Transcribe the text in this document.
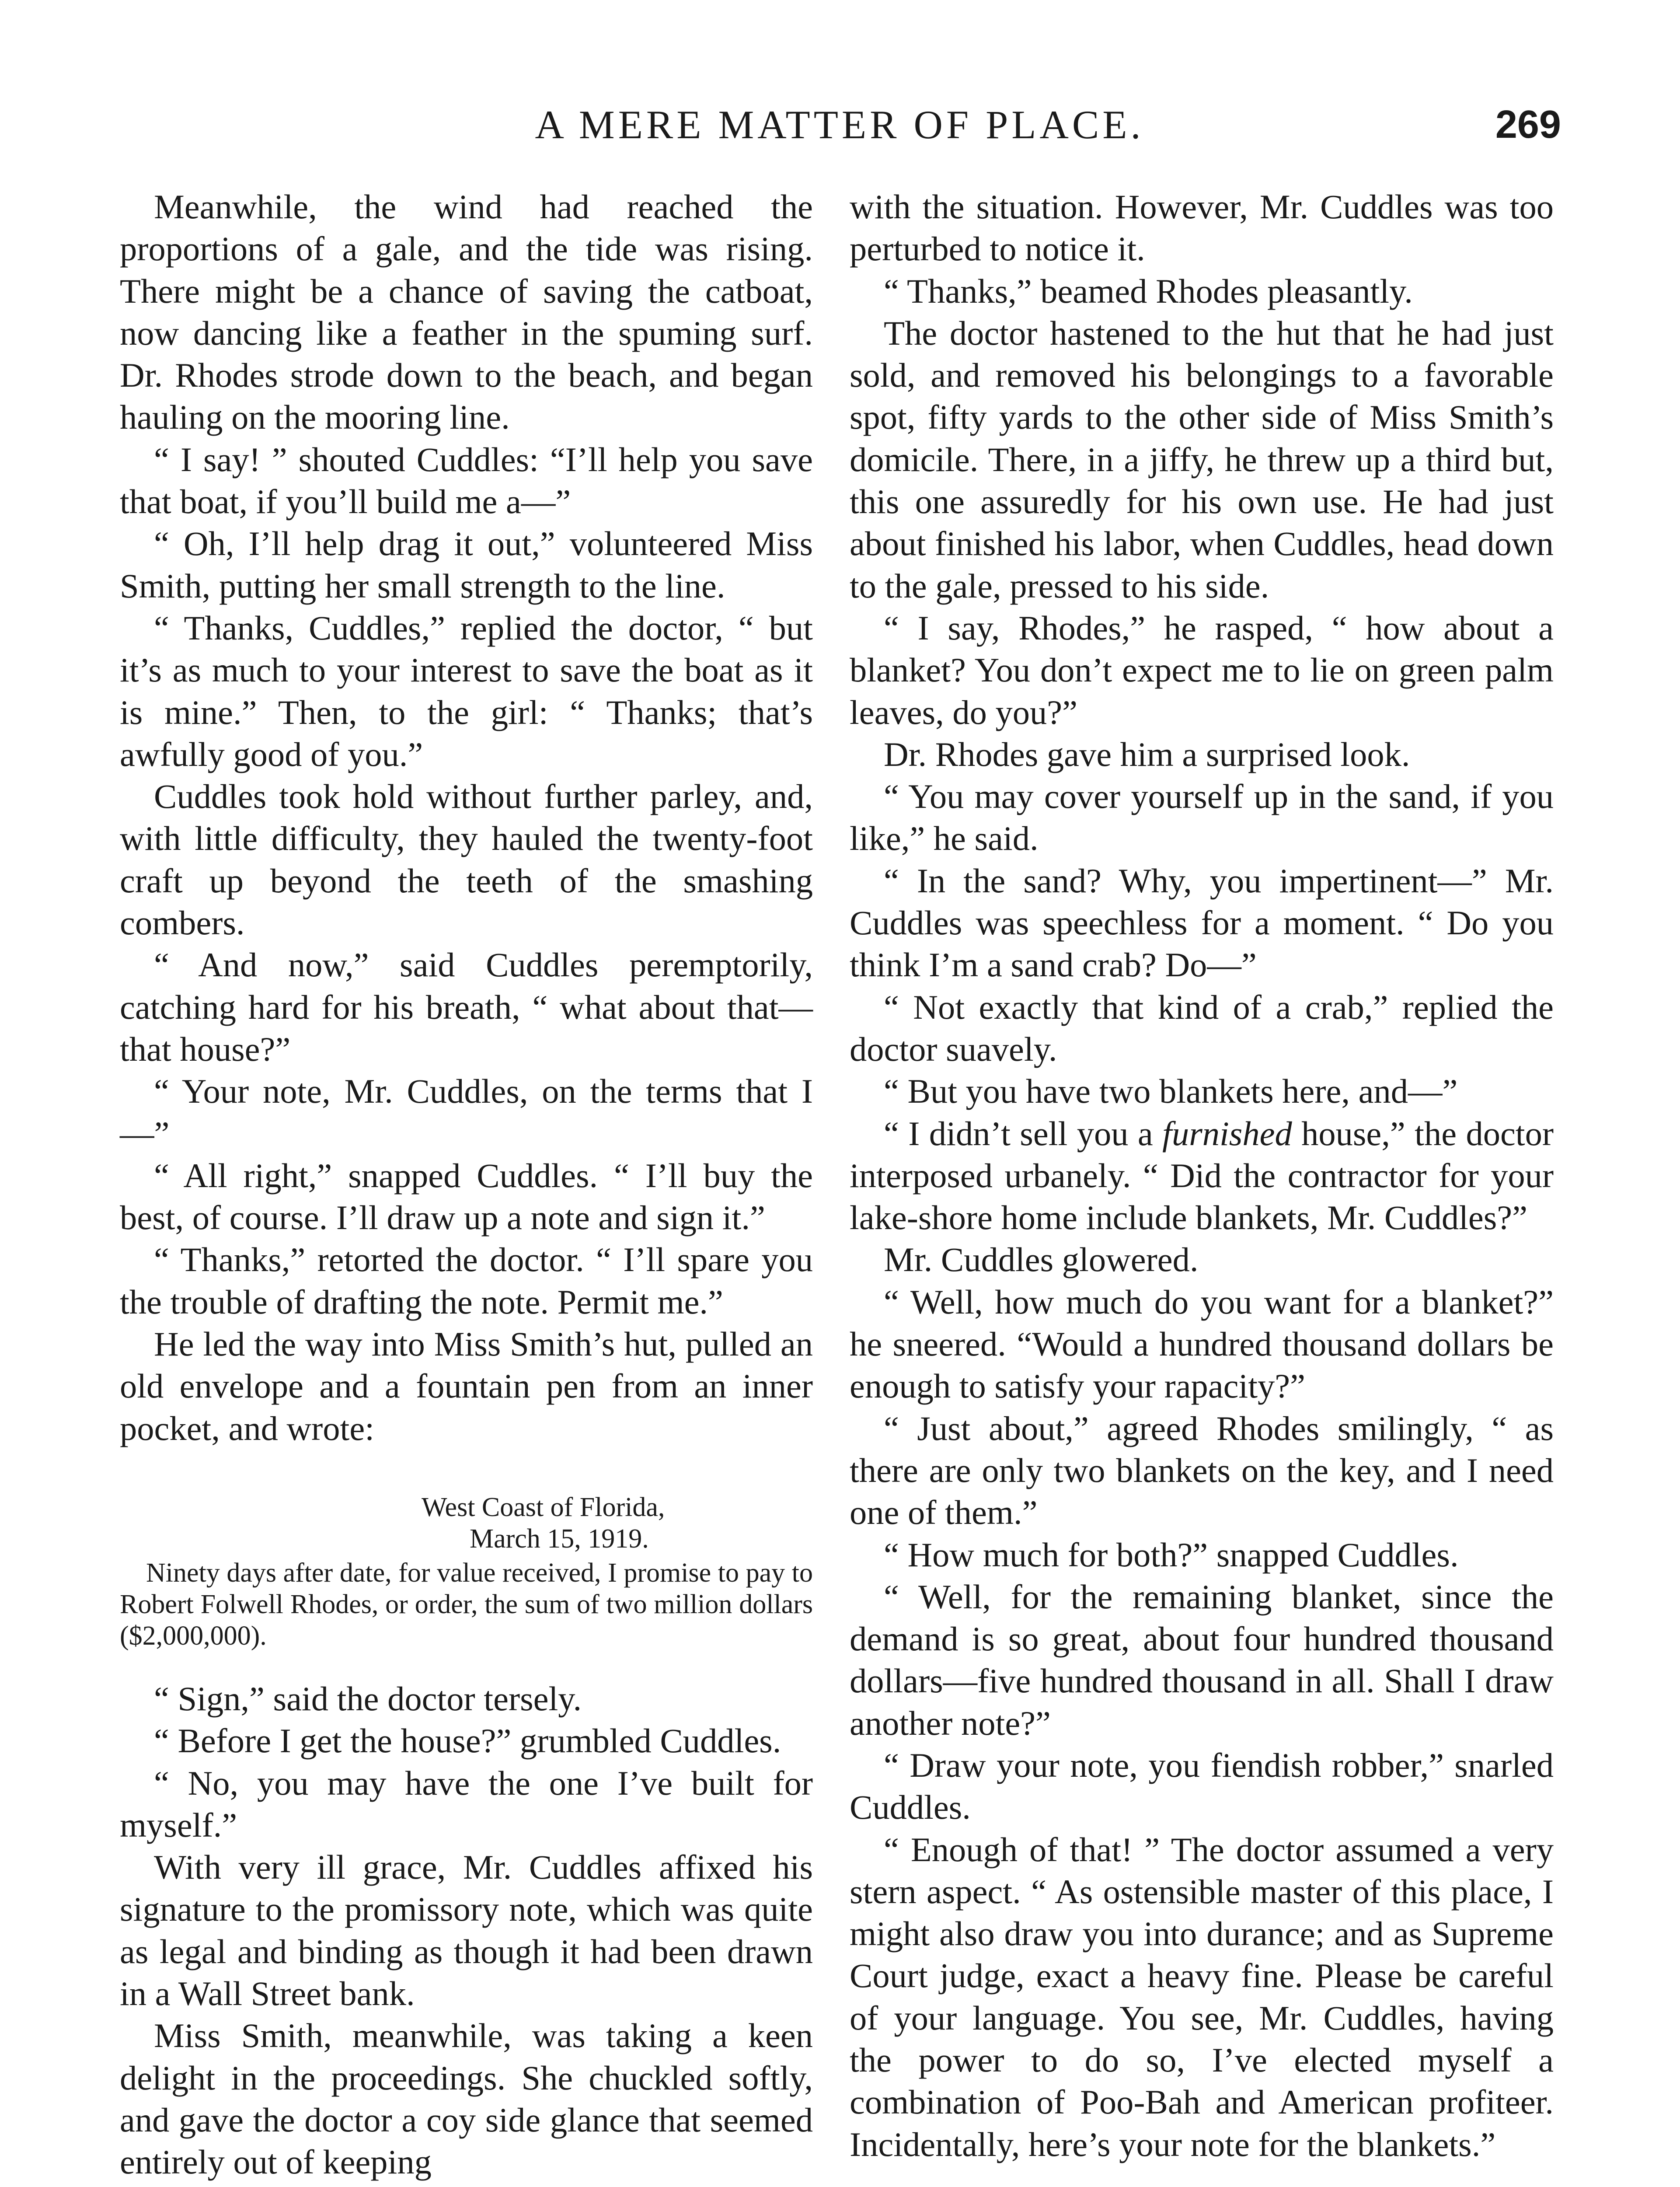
A MERE MATTER OF PLACE.	269

Meanwhile, the wind had reached the proportions of a gale, and the tide was rising. There might be a chance of saving the catboat, now dancing like a feather in the spuming surf. Dr. Rhodes strode down to the beach, and began hauling on the mooring line.

“ I say! ” shouted Cuddles: “I’ll help you save that boat, if you’ll build me a—”

“ Oh, I’ll help drag it out,” volunteered Miss Smith, putting her small strength to the line.

“ Thanks, Cuddles,” replied the doctor, “ but it’s as much to your interest to save the boat as it is mine.” Then, to the girl: “ Thanks; that’s awfully good of you.”

Cuddles took hold without further parley, and, with little difficulty, they hauled the twenty-foot craft up beyond the teeth of the smashing combers.

“ And now,” said Cuddles peremptorily, catching hard for his breath, “ what about that—that house?”

“ Your note, Mr. Cuddles, on the terms that I—”

“ All right,” snapped Cuddles. “ I’ll buy the best, of course. I’ll draw up a note and sign it.”

“ Thanks,” retorted the doctor. “ I’ll spare you the trouble of drafting the note. Permit me.”

He led the way into Miss Smith’s hut, pulled an old envelope and a fountain pen from an inner pocket, and wrote:

West Coast of Florida,
March 15, 1919.
Ninety days after date, for value received, I promise to pay to Robert Folwell Rhodes, or order, the sum of two million dollars ($2,000,000).

“ Sign,” said the doctor tersely.

“ Before I get the house?” grumbled Cuddles.

“ No, you may have the one I’ve built for myself.”

With very ill grace, Mr. Cuddles affixed his signature to the promissory note, which was quite as legal and binding as though it had been drawn in a Wall Street bank.

Miss Smith, meanwhile, was taking a keen delight in the proceedings. She chuckled softly, and gave the doctor a coy side glance that seemed entirely out of keeping

with the situation. However, Mr. Cuddles was too perturbed to notice it.

“ Thanks,” beamed Rhodes pleasantly.

The doctor hastened to the hut that he had just sold, and removed his belongings to a favorable spot, fifty yards to the other side of Miss Smith’s domicile. There, in a jiffy, he threw up a third but, this one assuredly for his own use. He had just about finished his labor, when Cuddles, head down to the gale, pressed to his side.

“ I say, Rhodes,” he rasped, “ how about a blanket? You don’t expect me to lie on green palm leaves, do you?”

Dr. Rhodes gave him a surprised look.

“ You may cover yourself up in the sand, if you like,” he said.

“ In the sand? Why, you impertinent—” Mr. Cuddles was speechless for a moment. “ Do you think I’m a sand crab? Do—”

“ Not exactly that kind of a crab,” replied the doctor suavely.

“ But you have two blankets here, and—”

“ I didn’t sell you a furnished house,” the doctor interposed urbanely. “ Did the contractor for your lake-shore home include blankets, Mr. Cuddles?”

Mr. Cuddles glowered.

“ Well, how much do you want for a blanket?” he sneered. “Would a hundred thousand dollars be enough to satisfy your rapacity?”

“ Just about,” agreed Rhodes smilingly, “ as there are only two blankets on the key, and I need one of them.”

“ How much for both?” snapped Cuddles.

“ Well, for the remaining blanket, since the demand is so great, about four hundred thousand dollars—five hundred thousand in all. Shall I draw another note?”

“ Draw your note, you fiendish robber,” snarled Cuddles.

“ Enough of that! ” The doctor assumed a very stern aspect. “ As ostensible master of this place, I might also draw you into durance; and as Supreme Court judge, exact a heavy fine. Please be careful of your language. You see, Mr. Cuddles, having the power to do so, I’ve elected myself a combination of Poo-Bah and American profiteer. Incidentally, here’s your note for the blankets.”
